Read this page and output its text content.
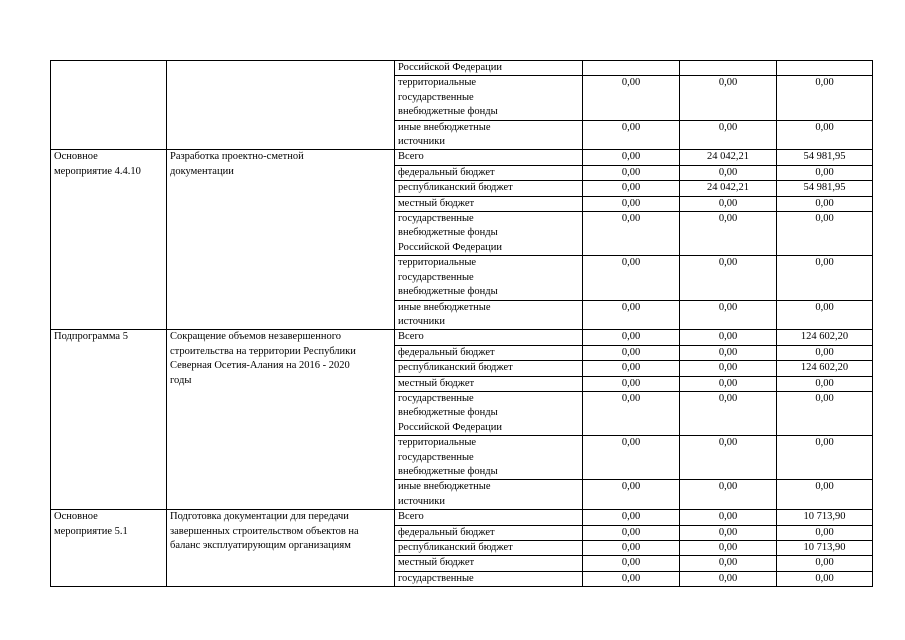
		Российской Федерации			

		территориальные государственные внебюджетные фонды	0,00	0,00	0,00

		иные внебюджетные источники	0,00	0,00	0,00

Основное мероприятие 4.4.10	Разработка проектно-сметной документации	Всего	0,00	24 042,21	54 981,95

		федеральный бюджет	0,00	0,00	0,00

		республиканский бюджет	0,00	24 042,21	54 981,95

		местный бюджет	0,00	0,00	0,00

		государственные внебюджетные фонды Российской Федерации	0,00	0,00	0,00

		территориальные государственные внебюджетные фонды	0,00	0,00	0,00

		иные внебюджетные источники	0,00	0,00	0,00

Подпрограмма 5	Сокращение объемов незавершенного строительства на территории Республики Северная Осетия-Алания на 2016 - 2020 годы	Всего	0,00	0,00	124 602,20

		федеральный бюджет	0,00	0,00	0,00

		республиканский бюджет	0,00	0,00	124 602,20

		местный бюджет	0,00	0,00	0,00

		государственные внебюджетные фонды Российской Федерации	0,00	0,00	0,00

		территориальные государственные внебюджетные фонды	0,00	0,00	0,00

		иные внебюджетные источники	0,00	0,00	0,00

Основное мероприятие 5.1	Подготовка документации для передачи завершенных строительством объектов на баланс эксплуатирующим организациям	Всего	0,00	0,00	10 713,90

		федеральный бюджет	0,00	0,00	0,00

		республиканский бюджет	0,00	0,00	10 713,90

		местный бюджет	0,00	0,00	0,00

		государственные	0,00	0,00	0,00
